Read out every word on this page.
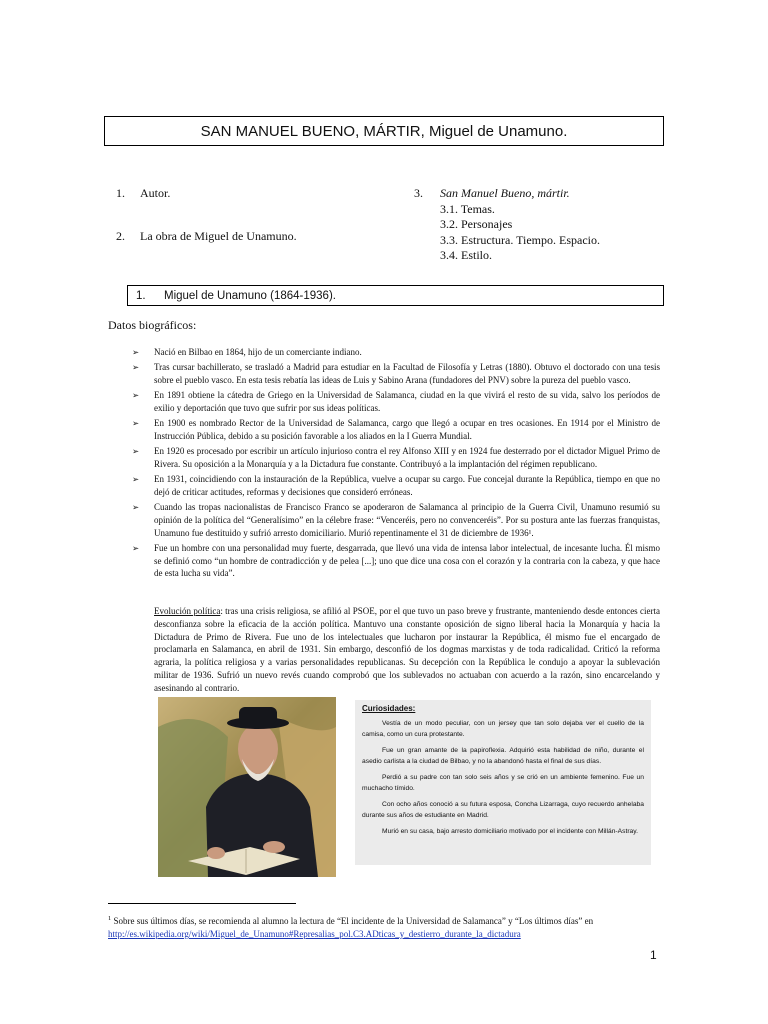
SAN MANUEL BUENO, MÁRTIR, Miguel de Unamuno.
1.	Autor.
2.	La obra de Miguel de Unamuno.
3.	San Manuel Bueno, mártir.
3.1. Temas.
3.2. Personajes
3.3. Estructura. Tiempo. Espacio.
3.4. Estilo.
1.	Miguel de Unamuno (1864-1936).
Datos biográficos:
➢ Nació en Bilbao en 1864, hijo de un comerciante indiano.
➢ Tras cursar bachillerato, se trasladó a Madrid para estudiar en la Facultad de Filosofía y Letras (1880). Obtuvo el doctorado con una tesis sobre el pueblo vasco. En esta tesis rebatía las ideas de Luis y Sabino Arana (fundadores del PNV) sobre la pureza del pueblo vasco.
➢ En 1891 obtiene la cátedra de Griego en la Universidad de Salamanca, ciudad en la que vivirá el resto de su vida, salvo los períodos de exilio y deportación que tuvo que sufrir por sus ideas políticas.
➢ En 1900 es nombrado Rector de la Universidad de Salamanca, cargo que llegó a ocupar en tres ocasiones. En 1914 por el Ministro de Instrucción Pública, debido a su posición favorable a los aliados en la I Guerra Mundial.
➢ En 1920 es procesado por escribir un artículo injurioso contra el rey Alfonso XIII y en 1924 fue desterrado por el dictador Miguel Primo de Rivera. Su oposición a la Monarquía y a la Dictadura fue constante. Contribuyó a la implantación del régimen republicano.
➢ En 1931, coincidiendo con la instauración de la República, vuelve a ocupar su cargo. Fue concejal durante la República, tiempo en que no dejó de criticar actitudes, reformas y decisiones que consideró erróneas.
➢ Cuando las tropas nacionalistas de Francisco Franco se apoderaron de Salamanca al principio de la Guerra Civil, Unamuno resumió su opinión de la política del “Generalísimo” en la célebre frase: “Venceréis, pero no convenceréis”. Por su postura ante las fuerzas franquistas, Unamuno fue destituido y sufrió arresto domiciliario. Murió repentinamente el 31 de diciembre de 1936¹.
➢ Fue un hombre con una personalidad muy fuerte, desgarrada, que llevó una vida de intensa labor intelectual, de incesante lucha. Él mismo se definió como “un hombre de contradicción y de pelea [...]; uno que dice una cosa con el corazón y la contraria con la cabeza, y que hace de esta lucha su vida”.
Evolución política: tras una crisis religiosa, se afilió al PSOE, por el que tuvo un paso breve y frustrante, manteniendo desde entonces cierta desconfianza sobre la eficacia de la acción política. Mantuvo una constante oposición de signo liberal hacia la Monarquía y hacia la Dictadura de Primo de Rivera. Fue uno de los intelectuales que lucharon por instaurar la República, él mismo fue el encargado de proclamarla en Salamanca, en abril de 1931. Sin embargo, desconfió de los dogmas marxistas y de toda radicalidad. Criticó la reforma agraria, la política religiosa y a varias personalidades republicanas. Su decepción con la República le condujo a apoyar la sublevación militar de 1936. Sufrió un nuevo revés cuando comprobó que los sublevados no actuaban con acuerdo a la razón, sino encarcelando y asesinando al contrario.
Curiosidades:

Vestía de un modo peculiar, con un jersey que tan solo dejaba ver el cuello de la camisa, como un cura protestante.

Fue un gran amante de la papiroflexia. Adquirió esta habilidad de niño, durante el asedio carlista a la ciudad de Bilbao, y no la abandonó hasta el final de sus días.

Perdió a su padre con tan solo seis años y se crió en un ambiente femenino. Fue un muchacho tímido.

Con ocho años conoció a su futura esposa, Concha Lizarraga, cuyo recuerdo anhelaba durante sus años de estudiante en Madrid.

Murió en su casa, bajo arresto domiciliario motivado por el incidente con Millán-Astray.

$^1$ Sobre sus últimos días, se recomienda al alumno la lectura de “El incidente de la Universidad de Salamanca” y “Los últimos días” en
http://es.wikipedia.org/wiki/Miguel_de_Unamuno#Represalias_pol.C3.ADticas_y_destierro_durante_la_dictadura
1
